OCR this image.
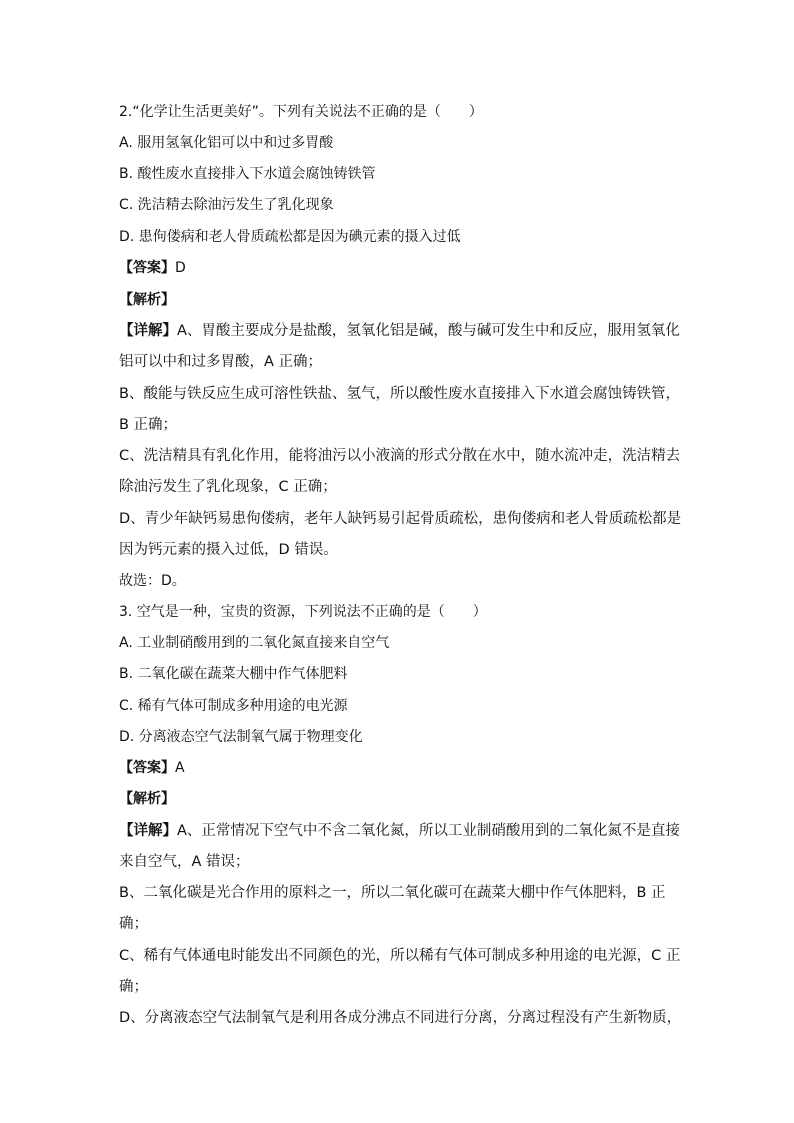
2.“化学让生活更美好”。下列有关说法不正确的是（　　）
A. 服用氢氧化铝可以中和过多胃酸
B. 酸性废水直接排入下水道会腐蚀铸铁管
C. 洗洁精去除油污发生了乳化现象
D. 患佝偻病和老人骨质疏松都是因为碘元素的摄入过低
【答案】D
【解析】
【详解】A、胃酸主要成分是盐酸，氢氧化铝是碱，酸与碱可发生中和反应，服用氢氧化
铝可以中和过多胃酸，A 正确；
B、酸能与铁反应生成可溶性铁盐、氢气，所以酸性废水直接排入下水道会腐蚀铸铁管，
B 正确；
C、洗洁精具有乳化作用，能将油污以小液滴的形式分散在水中，随水流冲走，洗洁精去
除油污发生了乳化现象，C 正确；
D、青少年缺钙易患佝偻病，老年人缺钙易引起骨质疏松，患佝偻病和老人骨质疏松都是
因为钙元素的摄入过低，D 错误。
故选：D。
3. 空气是一种，宝贵的资源，下列说法不正确的是（　　）
A. 工业制硝酸用到的二氧化氮直接来自空气
B. 二氧化碳在蔬菜大棚中作气体肥料
C. 稀有气体可制成多种用途的电光源
D. 分离液态空气法制氧气属于物理变化
【答案】A
【解析】
【详解】A、正常情况下空气中不含二氧化氮，所以工业制硝酸用到的二氧化氮不是直接
来自空气，A 错误；
B、二氧化碳是光合作用的原料之一，所以二氧化碳可在蔬菜大棚中作气体肥料，B 正
确；
C、稀有气体通电时能发出不同颜色的光，所以稀有气体可制成多种用途的电光源，C 正
确；
D、分离液态空气法制氧气是利用各成分沸点不同进行分离，分离过程没有产生新物质，
